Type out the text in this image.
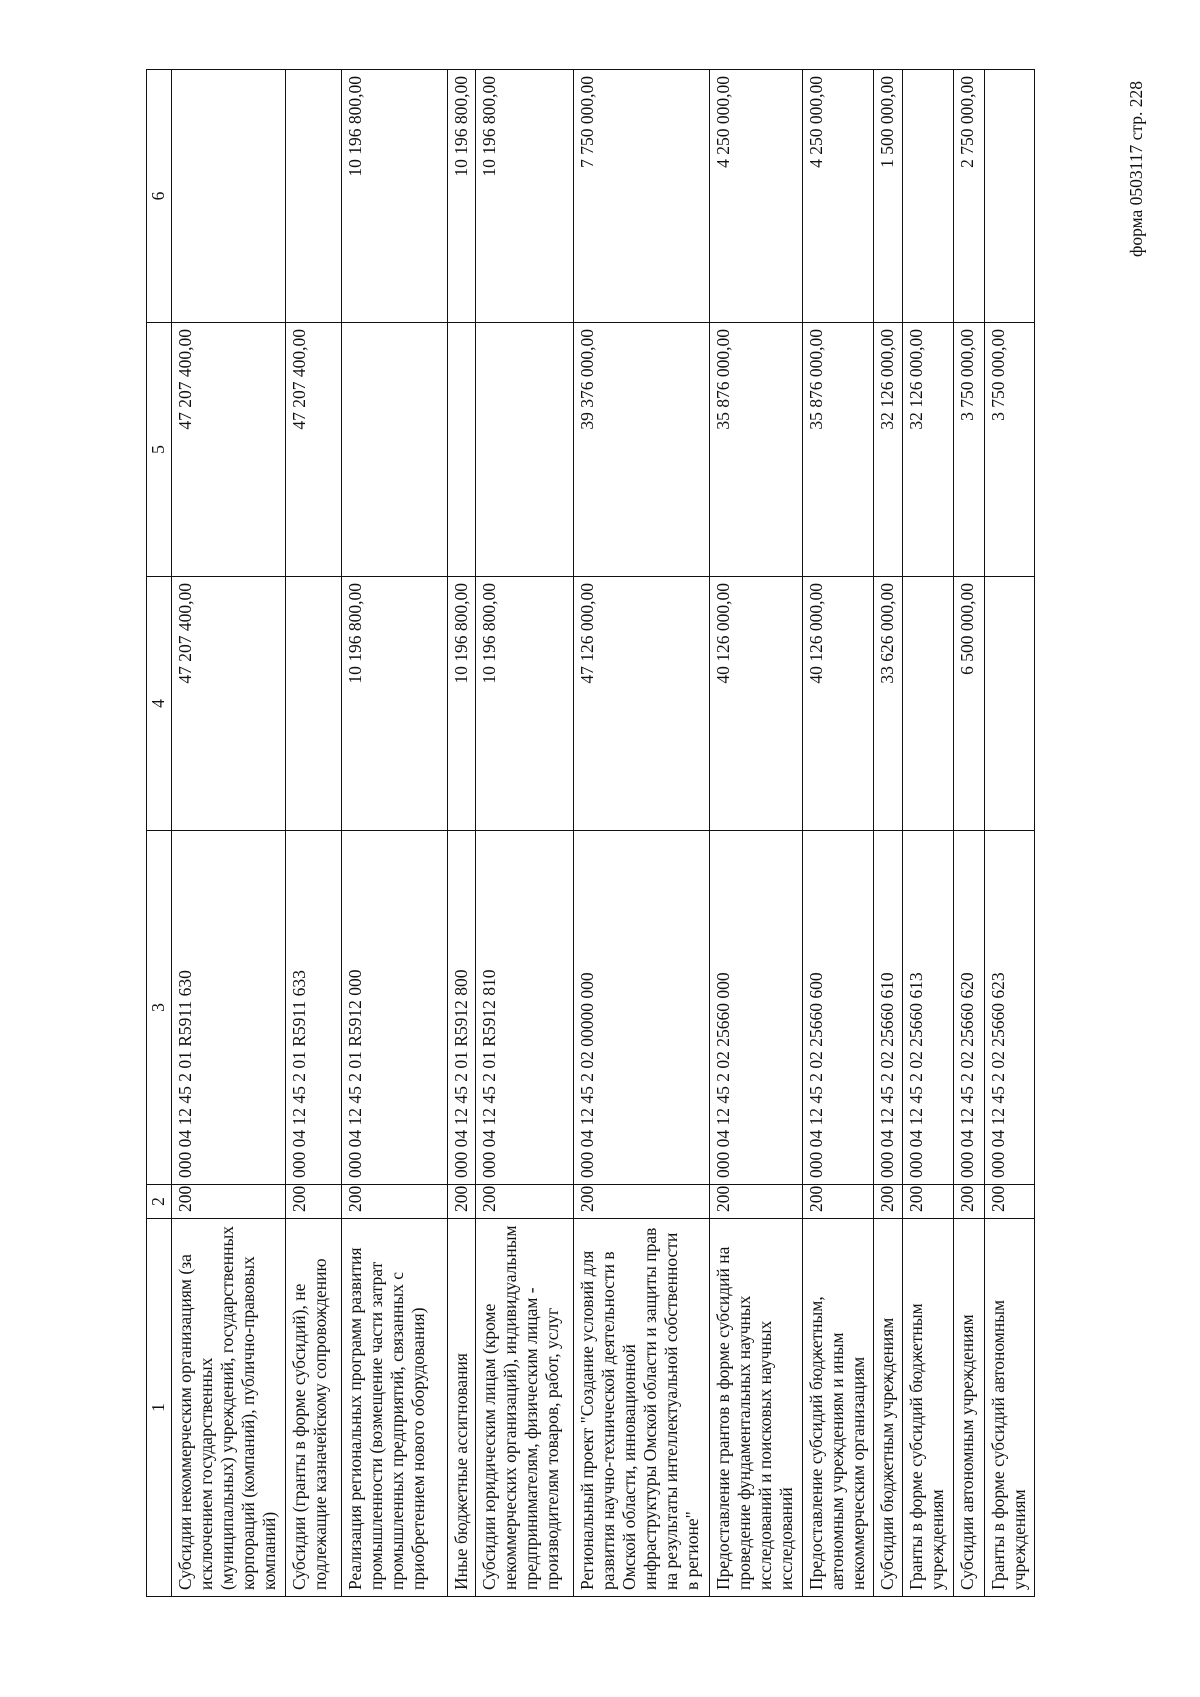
форма 0503117 стр. 228
1	2	3	4	5	6
Субсидии некоммерческим организациям (за исключением государственных (муниципальных) учреждений, государственных корпораций (компаний), публично-правовых компаний)	200	000 04 12 45 2 01 R5911 630	47 207 400,00	47 207 400,00	
Субсидии (гранты в форме субсидий), не подлежащие казначейскому сопровождению	200	000 04 12 45 2 01 R5911 633		47 207 400,00	
Реализация региональных программ развития промышленности (возмещение части затрат промышленных предприятий, связанных с приобретением нового оборудования)	200	000 04 12 45 2 01 R5912 000	10 196 800,00		10 196 800,00
Иные бюджетные ассигнования	200	000 04 12 45 2 01 R5912 800	10 196 800,00		10 196 800,00
Субсидии юридическим лицам (кроме некоммерческих организаций), индивидуальным предпринимателям, физическим лицам - производителям товаров, работ, услуг	200	000 04 12 45 2 01 R5912 810	10 196 800,00		10 196 800,00
Региональный проект "Создание условий для развития научно-технической деятельности в Омской области, инновационной инфраструктуры Омской области и защиты прав на результаты интеллектуальной собственности в регионе"	200	000 04 12 45 2 02 00000 000	47 126 000,00	39 376 000,00	7 750 000,00
Предоставление грантов в форме субсидий на проведение фундаментальных научных исследований и поисковых научных исследований	200	000 04 12 45 2 02 25660 000	40 126 000,00	35 876 000,00	4 250 000,00
Предоставление субсидий бюджетным, автономным учреждениям и иным некоммерческим организациям	200	000 04 12 45 2 02 25660 600	40 126 000,00	35 876 000,00	4 250 000,00
Субсидии бюджетным учреждениям	200	000 04 12 45 2 02 25660 610	33 626 000,00	32 126 000,00	1 500 000,00
Гранты в форме субсидий бюджетным учреждениям	200	000 04 12 45 2 02 25660 613		32 126 000,00	
Субсидии автономным учреждениям	200	000 04 12 45 2 02 25660 620	6 500 000,00	3 750 000,00	2 750 000,00
Гранты в форме субсидий автономным учреждениям	200	000 04 12 45 2 02 25660 623		3 750 000,00	
